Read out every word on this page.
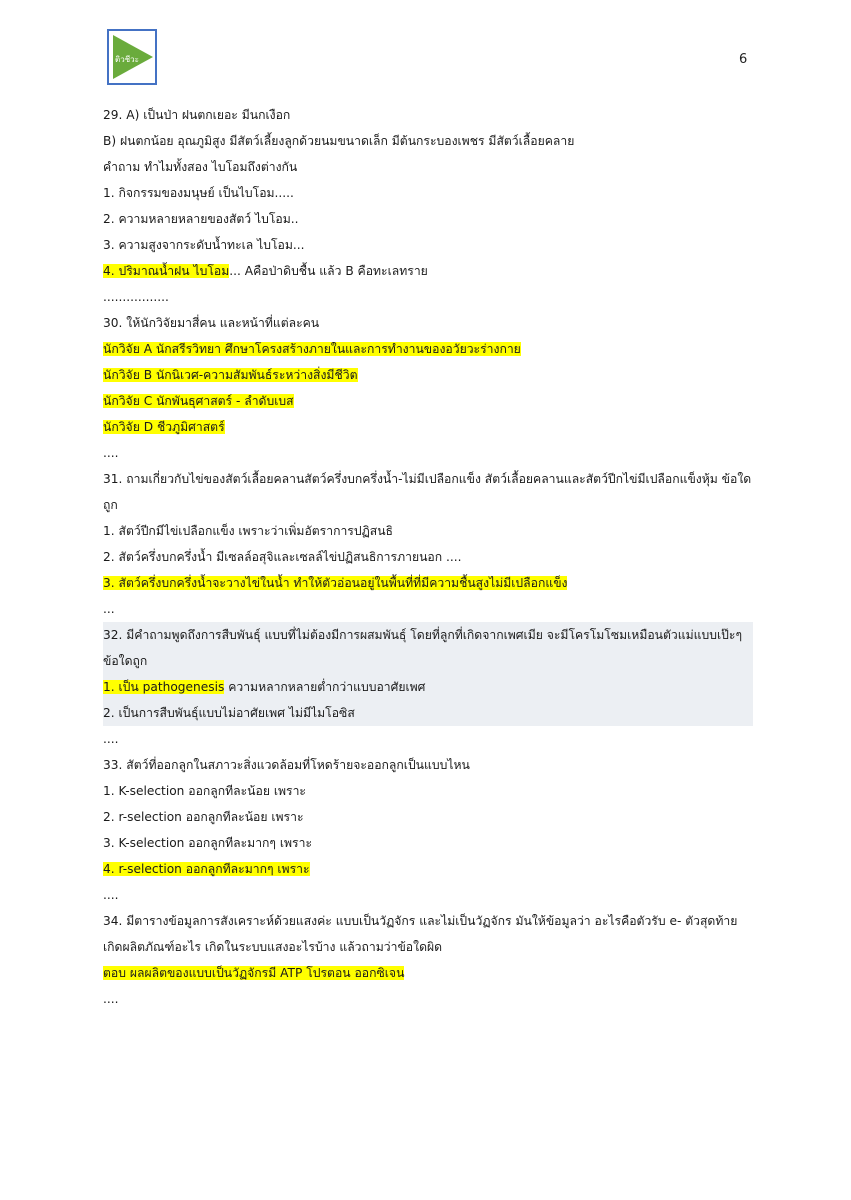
ติวชีวะ	6
29. A) เป็นป่า ฝนตกเยอะ มีนกเงือก
B) ฝนตกน้อย อุณภูมิสูง มีสัตว์เลี้ยงลูกด้วยนมขนาดเล็ก มีต้นกระบองเพชร มีสัตว์เลื้อยคลาย
คำถาม ทำไมทั้งสอง ไบโอมถึงต่างกัน
1. กิจกรรมของมนุษย์ เป็นไบโอม.....
2. ความหลายหลายของสัตว์ ไบโอม..
3. ความสูงจากระดับน้ำทะเล ไบโอม...
4. ปริมาณน้ำฝน ไบโอม... Aคือป่าดิบชื้น แล้ว B คือทะเลทราย
.................
30. ให้นักวิจัยมาสี่คน และหน้าที่แต่ละคน
นักวิจัย A นักสรีรวิทยา ศึกษาโครงสร้างภายในและการทำงานของอวัยวะร่างกาย
นักวิจัย B นักนิเวศ-ความสัมพันธ์ระหว่างสิ่งมีชีวิต
นักวิจัย C นักพันธุศาสตร์ - ลำดับเบส
นักวิจัย D ชีวภูมิศาสตร์
....
31. ถามเกี่ยวกับไข่ของสัตว์เลื้อยคลานสัตว์ครึ่งบกครึ่งน้ำ-ไม่มีเปลือกแข็ง สัตว์เลื้อยคลานและสัตว์ปีกไข่มีเปลือกแข็งหุ้ม ข้อใด
ถูก
1. สัตว์ปีกมีไข่เปลือกแข็ง เพราะว่าเพิ่มอัตราการปฏิสนธิ
2. สัตว์ครึ่งบกครึ่งน้ำ มีเซลล์อสุจิและเซลล์ไข่ปฏิสนธิการภายนอก ....
3. สัตว์ครึ่งบกครึ่งน้ำจะวางไข่ในน้ำ ทำให้ตัวอ่อนอยู่ในพื้นที่ที่มีความชื้นสูงไม่มีเปลือกแข็ง
...
32. มีคำถามพูดถึงการสืบพันธุ์ แบบที่ไม่ต้องมีการผสมพันธุ์ โดยที่ลูกที่เกิดจากเพศเมีย จะมีโครโมโซมเหมือนตัวแม่แบบเป๊ะๆ
ข้อใดถูก
1. เป็น pathogenesis ความหลากหลายต่ำกว่าแบบอาศัยเพศ
2. เป็นการสืบพันธุ์แบบไม่อาศัยเพศ ไม่มีไมโอซิส
....
33. สัตว์ที่ออกลูกในสภาวะสิ่งแวดล้อมที่โหดร้ายจะออกลูกเป็นแบบไหน
1. K-selection ออกลูกทีละน้อย เพราะ
2. r-selection ออกลูกทีละน้อย เพราะ
3. K-selection ออกลูกทีละมากๆ เพราะ
4. r-selection ออกลูกทีละมากๆ เพราะ
....
34. มีตารางข้อมูลการสังเคราะห์ด้วยแสงค่ะ แบบเป็นวัฏจักร และไม่เป็นวัฏจักร มันให้ข้อมูลว่า อะไรคือตัวรับ e- ตัวสุดท้าย
เกิดผลิตภัณฑ์อะไร เกิดในระบบแสงอะไรบ้าง แล้วถามว่าข้อใดผิด
ตอบ ผลผลิตของแบบเป็นวัฏจักรมี ATP โปรตอน ออกซิเจน
....
